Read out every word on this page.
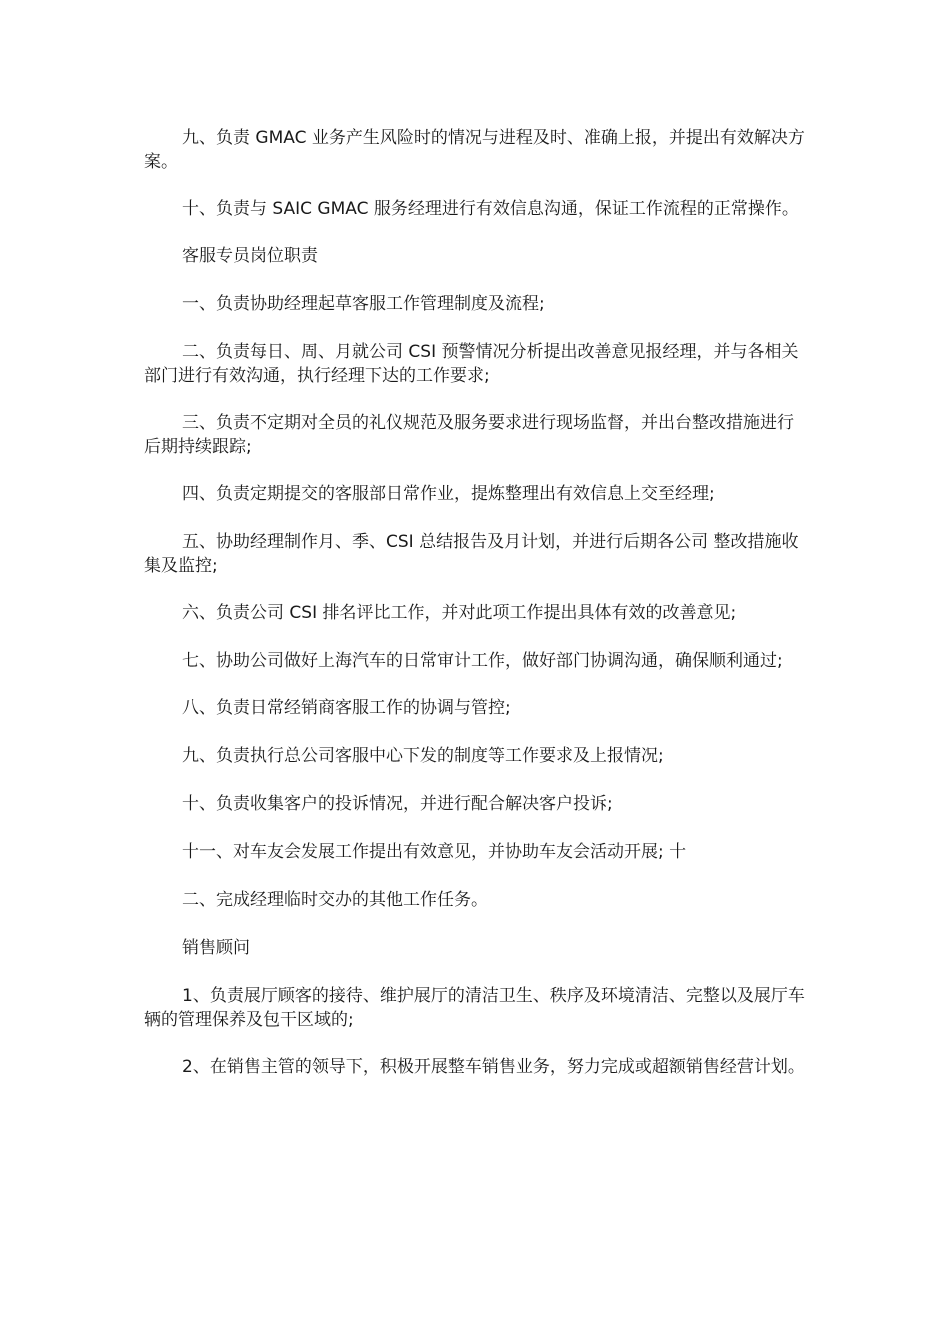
九、负责 GMAC 业务产生风险时的情况与进程及时、准确上报，并提出有效解决方案。

十、负责与 SAIC GMAC 服务经理进行有效信息沟通，保证工作流程的正常操作。

客服专员岗位职责

一、负责协助经理起草客服工作管理制度及流程;

二、负责每日、周、月就公司 CSI 预警情况分析提出改善意见报经理，并与各相关部门进行有效沟通，执行经理下达的工作要求;

三、负责不定期对全员的礼仪规范及服务要求进行现场监督，并出台整改措施进行后期持续跟踪;

四、负责定期提交的客服部日常作业，提炼整理出有效信息上交至经理;

五、协助经理制作月、季、CSI 总结报告及月计划，并进行后期各公司 整改措施收集及监控;

六、负责公司 CSI 排名评比工作，并对此项工作提出具体有效的改善意见;

七、协助公司做好上海汽车的日常审计工作，做好部门协调沟通，确保顺利通过;

八、负责日常经销商客服工作的协调与管控;

九、负责执行总公司客服中心下发的制度等工作要求及上报情况;

十、负责收集客户的投诉情况，并进行配合解决客户投诉;

十一、对车友会发展工作提出有效意见，并协助车友会活动开展; 十

二、完成经理临时交办的其他工作任务。

销售顾问

1、负责展厅顾客的接待、维护展厅的清洁卫生、秩序及环境清洁、完整以及展厅车辆的管理保养及包干区域的;

2、在销售主管的领导下，积极开展整车销售业务，努力完成或超额销售经营计划。
